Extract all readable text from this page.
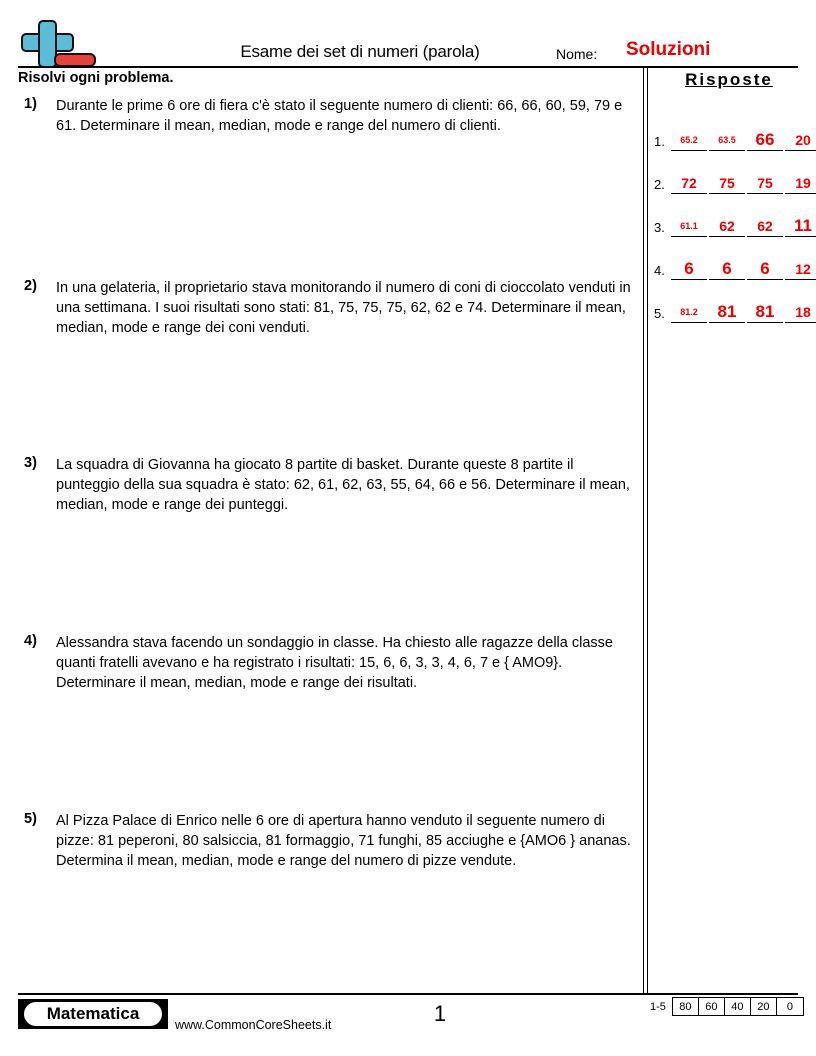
Esame dei set di numeri (parola)	Nome: Soluzioni
Risolvi ogni problema.
1) Durante le prime 6 ore di fiera c'è stato il seguente numero di clienti: 66, 66, 60, 59, 79 e 61. Determinare il mean, median, mode e range del numero di clienti.
2) In una gelateria, il proprietario stava monitorando il numero di coni di cioccolato venduti in una settimana. I suoi risultati sono stati: 81, 75, 75, 75, 62, 62 e 74. Determinare il mean, median, mode e range dei coni venduti.
3) La squadra di Giovanna ha giocato 8 partite di basket. Durante queste 8 partite il punteggio della sua squadra è stato: 62, 61, 62, 63, 55, 64, 66 e 56. Determinare il mean, median, mode e range dei punteggi.
4) Alessandra stava facendo un sondaggio in classe. Ha chiesto alle ragazze della classe quanti fratelli avevano e ha registrato i risultati: 15, 6, 6, 3, 3, 4, 6, 7 e { AMO9}. Determinare il mean, median, mode e range dei risultati.
5) Al Pizza Palace di Enrico nelle 6 ore di apertura hanno venduto il seguente numero di pizze: 81 peperoni, 80 salsiccia, 81 formaggio, 71 funghi, 85 acciughe e {AMO6 } ananas. Determina il mean, median, mode e range del numero di pizze vendute.
Risposte
1.	65.2	63.5	66	20
2.	72	75	75	19
3.	61.1	62	62	11
4.	6	6	6	12
5.	81.2	81	81	18
Matematica
www.CommonCoreSheets.it	1	1-5	80	60	40	20	0
